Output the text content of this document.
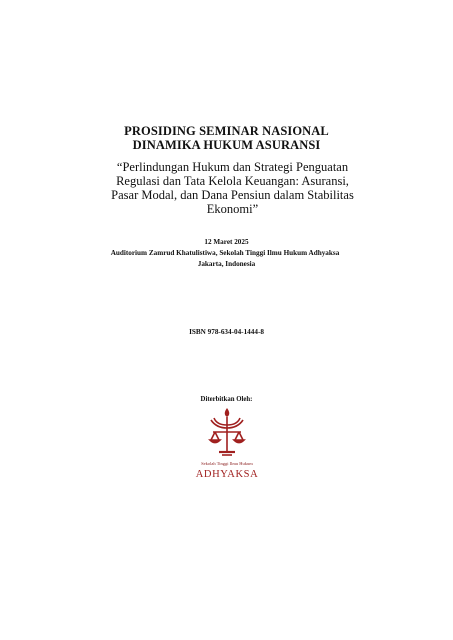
PROSIDING SEMINAR NASIONAL
DINAMIKA HUKUM ASURANSI
“Perlindungan Hukum dan Strategi Penguatan Regulasi dan Tata Kelola Keuangan: Asuransi, Pasar Modal, dan Dana Pensiun dalam Stabilitas Ekonomi”
12 Maret 2025
Auditorium Zamrud Khatulistiwa, Sekolah Tinggi Ilmu Hukum Adhyaksa
Jakarta, Indonesia
ISBN 978-634-04-1444-8
Diterbitkan Oleh:
Sekolah Tinggi Ilmu Hukum
ADHYAKSA
